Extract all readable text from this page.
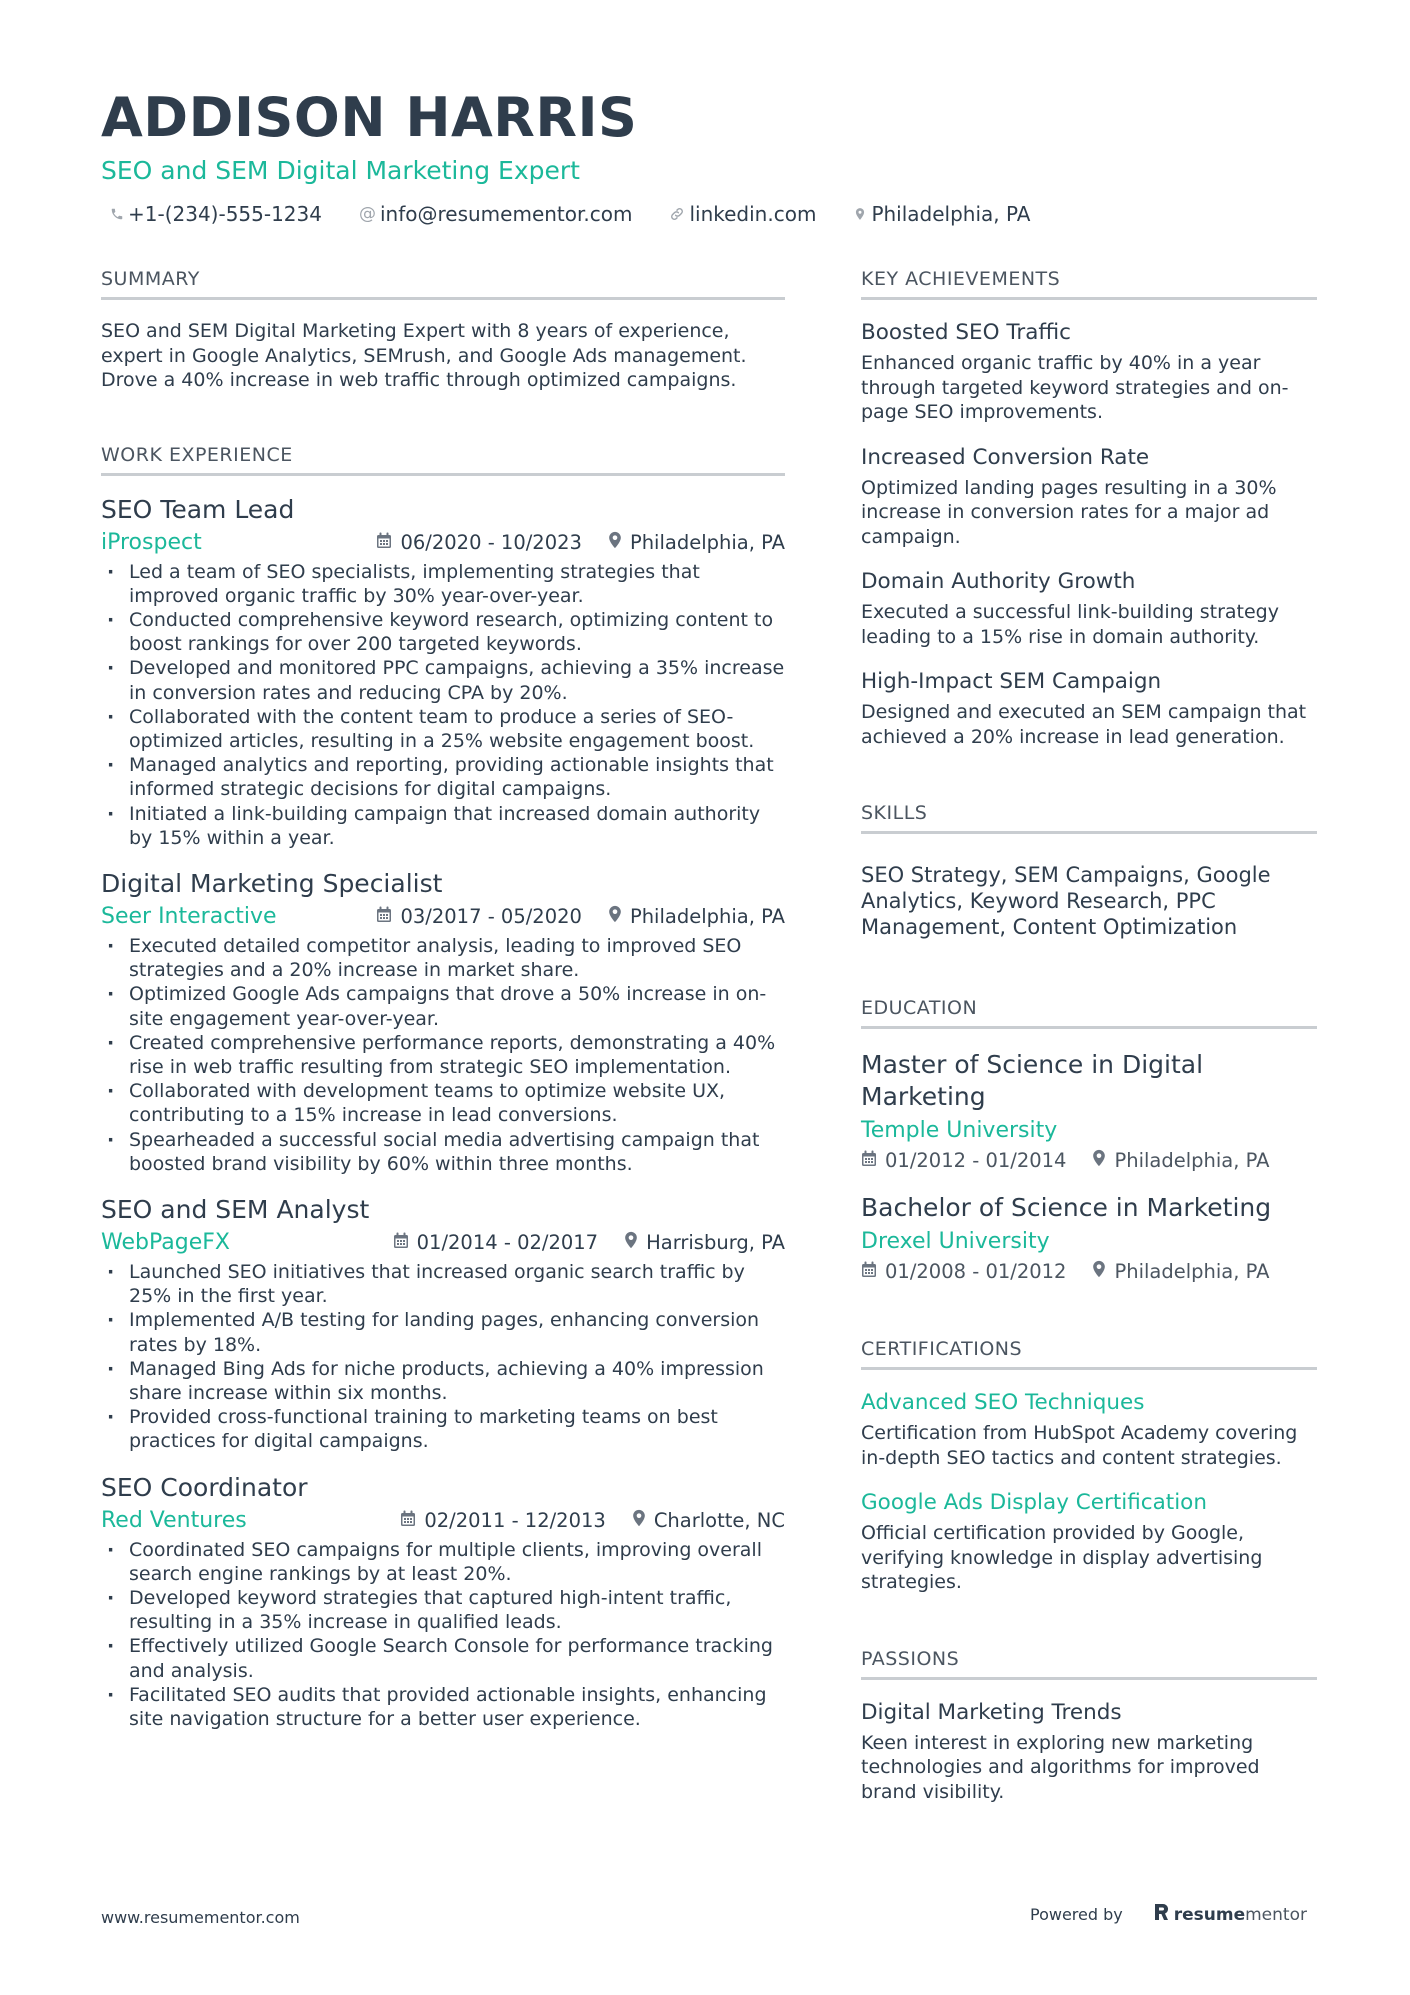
ADDISON HARRIS
SEO and SEM Digital Marketing Expert
+1-(234)-555-1234 @ info@resumementor.com	linkedin.com	Philadelphia, PA
SUMMARY
SEO and SEM Digital Marketing Expert with 8 years of experience, expert in Google Analytics, SEMrush, and Google Ads management. Drove a 40% increase in web traffic through optimized campaigns.
WORK EXPERIENCE
SEO Team Lead
iProspect	06/2020 - 10/2023 Philadelphia, PA
· Led a team of SEO specialists, implementing strategies that improved organic traffic by 30% year-over-year.
· Conducted comprehensive keyword research, optimizing content to boost rankings for over 200 targeted keywords.
· Developed and monitored PPC campaigns, achieving a 35% increase in conversion rates and reducing CPA by 20%.
· Collaborated with the content team to produce a series of SEO-optimized articles, resulting in a 25% website engagement boost.
· Managed analytics and reporting, providing actionable insights that informed strategic decisions for digital campaigns.
· Initiated a link-building campaign that increased domain authority by 15% within a year.
Digital Marketing Specialist
Seer Interactive	03/2017 - 05/2020 Philadelphia, PA
· Executed detailed competitor analysis, leading to improved SEO strategies and a 20% increase in market share.
· Optimized Google Ads campaigns that drove a 50% increase in on-site engagement year-over-year.
· Created comprehensive performance reports, demonstrating a 40% rise in web traffic resulting from strategic SEO implementation.
· Collaborated with development teams to optimize website UX, contributing to a 15% increase in lead conversions.
· Spearheaded a successful social media advertising campaign that boosted brand visibility by 60% within three months.
SEO and SEM Analyst
WebPageFX	01/2014 - 02/2017 Harrisburg, PA
· Launched SEO initiatives that increased organic search traffic by 25% in the first year.
· Implemented A/B testing for landing pages, enhancing conversion rates by 18%.
· Managed Bing Ads for niche products, achieving a 40% impression share increase within six months.
· Provided cross-functional training to marketing teams on best practices for digital campaigns.
SEO Coordinator
Red Ventures	02/2011 - 12/2013 Charlotte, NC
· Coordinated SEO campaigns for multiple clients, improving overall search engine rankings by at least 20%.
· Developed keyword strategies that captured high-intent traffic, resulting in a 35% increase in qualified leads.
· Effectively utilized Google Search Console for performance tracking and analysis.
· Facilitated SEO audits that provided actionable insights, enhancing site navigation structure for a better user experience.
KEY ACHIEVEMENTS
Boosted SEO Traffic
Enhanced organic traffic by 40% in a year through targeted keyword strategies and on-page SEO improvements.
Increased Conversion Rate
Optimized landing pages resulting in a 30% increase in conversion rates for a major ad campaign.
Domain Authority Growth
Executed a successful link-building strategy leading to a 15% rise in domain authority.
High-Impact SEM Campaign
Designed and executed an SEM campaign that achieved a 20% increase in lead generation.
SKILLS
SEO Strategy, SEM Campaigns, Google Analytics, Keyword Research, PPC Management, Content Optimization
EDUCATION
Master of Science in Digital Marketing
Temple University
01/2012 - 01/2014 Philadelphia, PA
Bachelor of Science in Marketing
Drexel University
01/2008 - 01/2012 Philadelphia, PA
CERTIFICATIONS
Advanced SEO Techniques
Certification from HubSpot Academy covering in-depth SEO tactics and content strategies.
Google Ads Display Certification
Official certification provided by Google, verifying knowledge in display advertising strategies.
PASSIONS
Digital Marketing Trends
Keen interest in exploring new marketing technologies and algorithms for improved brand visibility.
www.resumementor.com	Powered by	resume mentor
